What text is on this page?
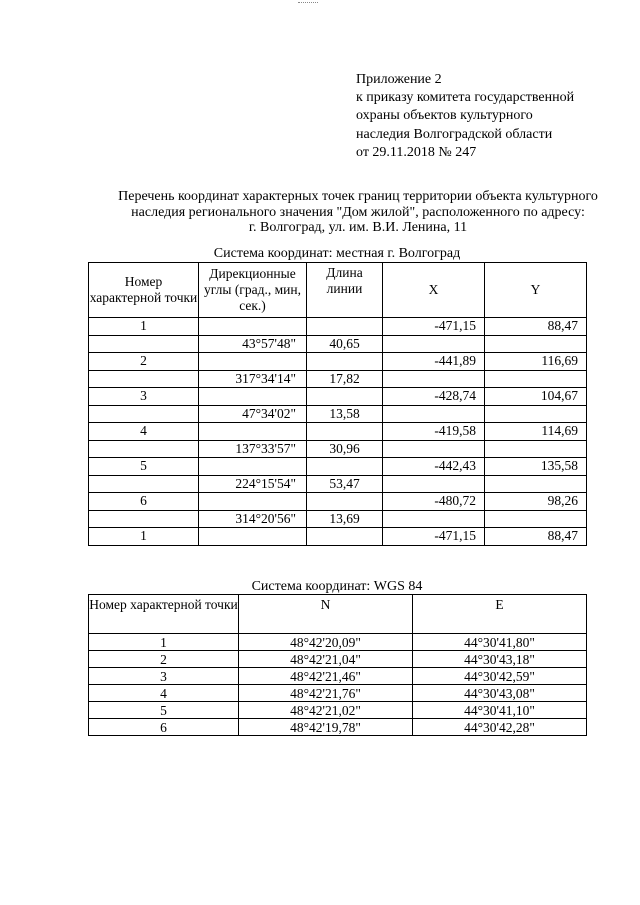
Приложение 2
к приказу комитета государственной
охраны объектов культурного
наследия Волгоградской области
от 29.11.2018 № 247
Перечень координат характерных точек границ территории объекта культурного
наследия регионального значения "Дом жилой", расположенного по адресу:
г. Волгоград, ул. им. В.И. Ленина, 11
Система координат: местная г. Волгоград
Номер характерной точки	Дирекционные углы (град., мин, сек.)	Длина линии	X	Y
1			-471,15	88,47
	43°57'48"	40,65		
2			-441,89	116,69
	317°34'14"	17,82		
3			-428,74	104,67
	47°34'02"	13,58		
4			-419,58	114,69
	137°33'57"	30,96		
5			-442,43	135,58
	224°15'54"	53,47		
6			-480,72	98,26
	314°20'56"	13,69		
1			-471,15	88,47
Система координат: WGS 84
Номер характерной точки	N	E
1	48°42'20,09"	44°30'41,80"
2	48°42'21,04"	44°30'43,18"
3	48°42'21,46"	44°30'42,59"
4	48°42'21,76"	44°30'43,08"
5	48°42'21,02"	44°30'41,10"
6	48°42'19,78"	44°30'42,28"
